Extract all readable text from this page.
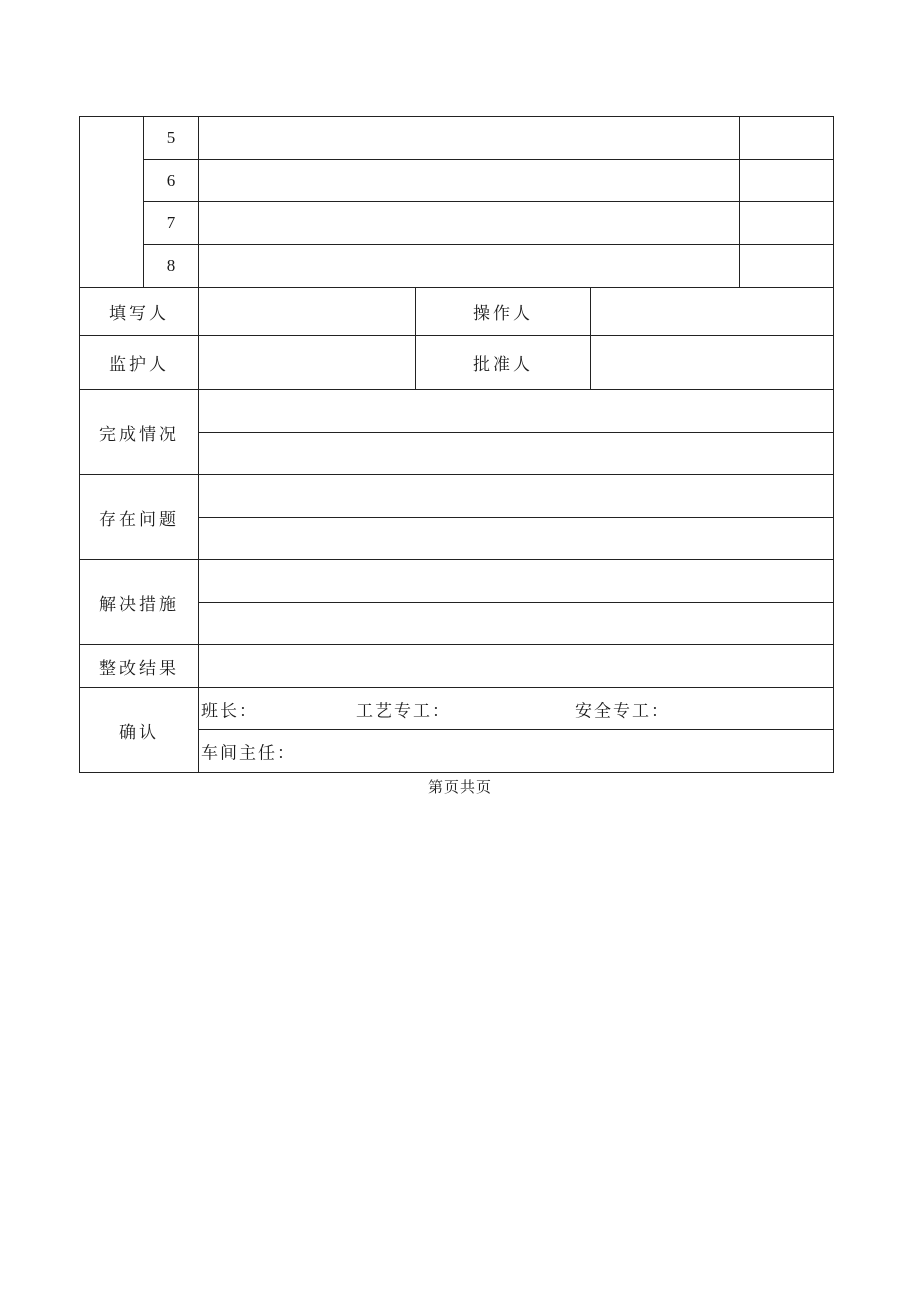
	5				
	6				
	7				
	8				
填写人			操作人		
监护人			批准人		
完成情况					

存在问题					

解决措施					

整改结果					
确认		班长： 工艺专工： 安全专工：			

		车间主任：			
第页共页
